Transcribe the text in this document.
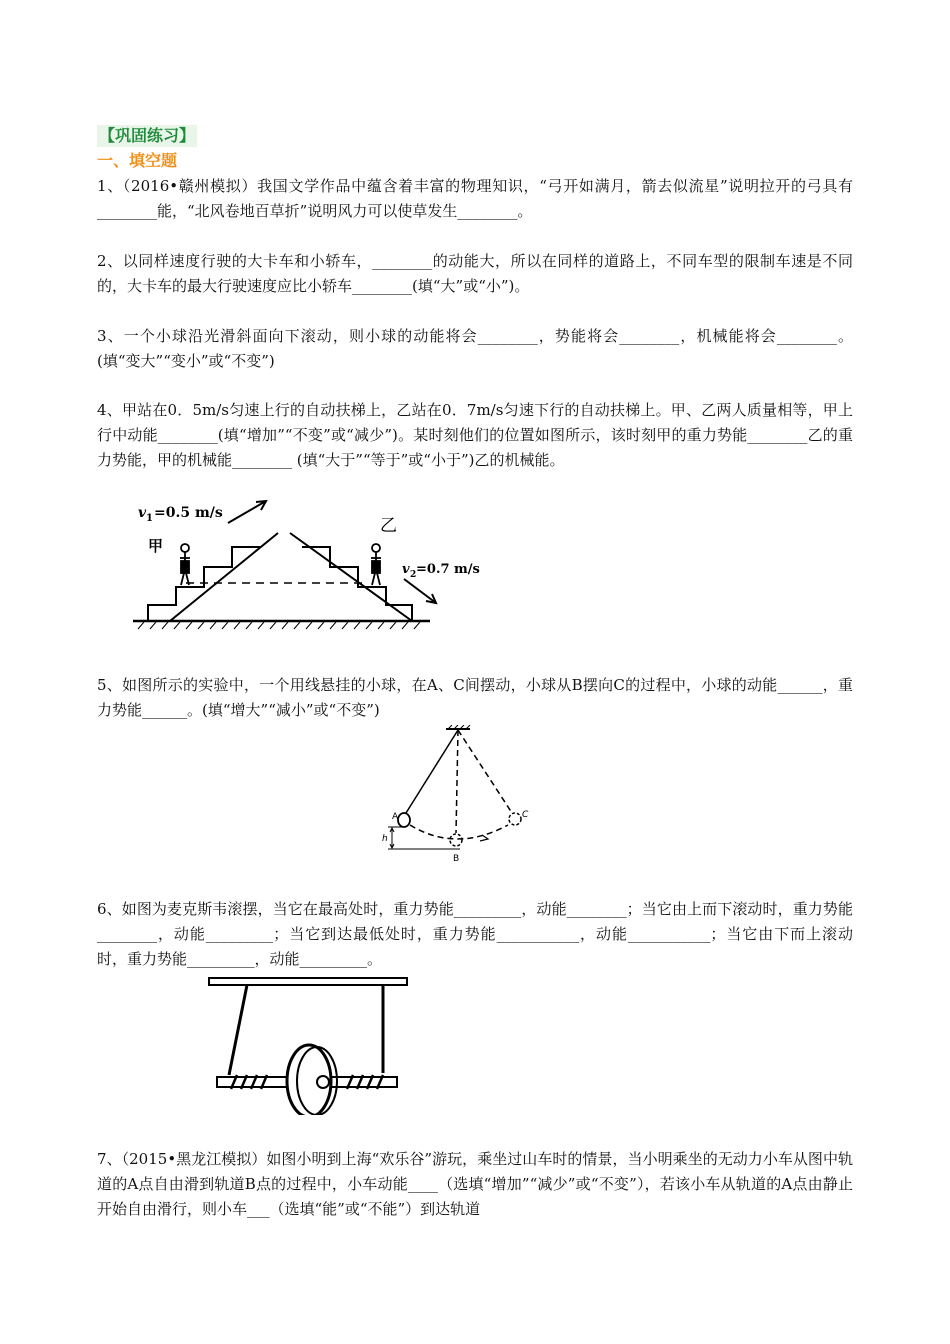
【巩固练习】
一、填空题

1、（2016•赣州模拟）我国文学作品中蕴含着丰富的物理知识，“弓开如满月，箭去似流星”说明拉开的弓具有 ________能，“北风卷地百草折”说明风力可以使草发生________。

2、以同样速度行驶的大卡车和小轿车，________的动能大，所以在同样的道路上，不同车型的限制车速是不同的，大卡车的最大行驶速度应比小轿车________(填“大”或“小”)。

3、一个小球沿光滑斜面向下滚动，则小球的动能将会________，势能将会________，机械能将会________。(填“变大”“变小”或“不变”)

4、甲站在0．5m/s匀速上行的自动扶梯上，乙站在0．7m/s匀速下行的自动扶梯上。甲、乙两人质量相等，甲上行中动能________(填“增加”“不变”或“减少”)。某时刻他们的位置如图所示，该时刻甲的重力势能________乙的重力势能，甲的机械能________ (填“大于”“等于”或“小于”)乙的机械能。

v 1 =0.5 m/s
v 2 =0.7 m/s
甲
乙

5、如图所示的实验中，一个用线悬挂的小球，在A、C间摆动，小球从B摆向C的过程中，小球的动能______，重力势能______。(填“增大”“减小”或“不变”)

A
B
C
h

6、如图为麦克斯韦滚摆，当它在最高处时，重力势能_________，动能________；当它由上而下滚动时，重力势能________，动能_________；当它到达最低处时，重力势能___________，动能___________；当它由下而上滚动时，重力势能_________，动能_________。

7、（2015•黑龙江模拟）如图小明到上海“欢乐谷”游玩，乘坐过山车时的情景，当小明乘坐的无动力小车从图中轨道的A点自由滑到轨道B点的过程中，小车动能____（选填“增加”“减少”或“不变”），若该小车从轨道的A点由静止开始自由滑行，则小车___（选填“能”或“不能”）到达轨道
